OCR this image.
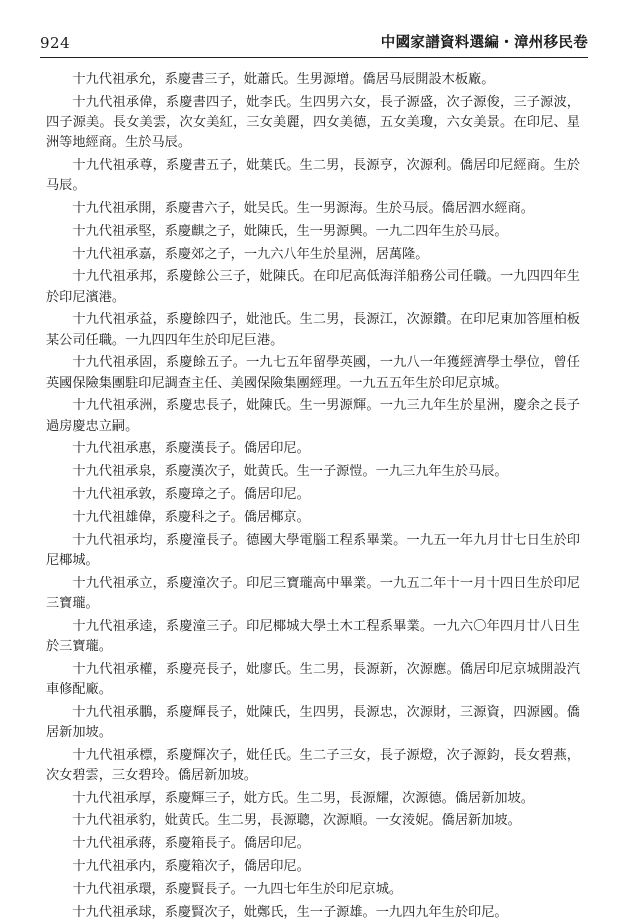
924	中國家譜資料選編・漳州移民卷

十九代祖承允，系慶書三子，妣蕭氏。生男源增。僑居马辰開設木板廠。

十九代祖承偉，系慶書四子，妣李氏。生四男六女，長子源盛，次子源俊，三子源波，四子源美。長女美雲，次女美紅，三女美麗，四女美德，五女美瓊，六女美景。在印尼、星洲等地經商。生於马辰。

十九代祖承尊，系慶書五子，妣葉氏。生二男，長源亨，次源利。僑居印尼經商。生於马辰。

十九代祖承開，系慶書六子，妣吴氏。生一男源海。生於马辰。僑居泗水經商。

十九代祖承堅，系慶麒之子，妣陳氏，生一男源興。一九二四年生於马辰。

十九代祖承嘉，系慶郊之子，一九六八年生於星洲，居萬隆。

十九代祖承邦，系慶餘公三子，妣陳氏。在印尼高低海洋船務公司任職。一九四四年生於印尼濱港。

十九代祖承益，系慶餘四子，妣池氏。生二男，長源江，次源鑽。在印尼東加答厘柏板某公司任職。一九四四年生於印尼巨港。

十九代祖承固，系慶餘五子。一九七五年留學英國，一九八一年獲經濟學士學位，曾任英國保險集團駐印尼調查主任、美國保險集團經理。一九五五年生於印尼京城。

十九代祖承洲，系慶忠長子，妣陳氏。生一男源輝。一九三九年生於星洲，慶余之長子過房慶忠立嗣。

十九代祖承惠，系慶漢長子。僑居印尼。

十九代祖承泉，系慶漢次子，妣黄氏。生一子源愷。一九三九年生於马辰。

十九代祖承敦，系慶璋之子。僑居印尼。

十九代祖雄偉，系慶科之子。僑居椰京。

十九代祖承均，系慶潼長子。德國大學電腦工程系畢業。一九五一年九月廿七日生於印尼椰城。

十九代祖承立，系慶潼次子。印尼三寶瓏高中畢業。一九五二年十一月十四日生於印尼三寶瓏。

十九代祖承逵，系慶潼三子。印尼椰城大學土木工程系畢業。一九六〇年四月廿八日生於三寶瓏。

十九代祖承權，系慶亮長子，妣廖氏。生二男，長源新，次源應。僑居印尼京城開設汽車修配廠。

十九代祖承鵬，系慶輝長子，妣陳氏，生四男，長源忠，次源財，三源資，四源國。僑居新加坡。

十九代祖承標，系慶輝次子，妣任氏。生二子三女，長子源燈，次子源鈞，長女碧燕，次女碧雲，三女碧玲。僑居新加坡。

十九代祖承厚，系慶輝三子，妣方氏。生二男，長源耀，次源德。僑居新加坡。

十九代祖承豹，妣黄氏。生二男，長源聰，次源順。一女淩妮。僑居新加坡。

十九代祖承蔣，系慶箱長子。僑居印尼。

十九代祖承内，系慶箱次子，僑居印尼。

十九代祖承環，系慶賢長子。一九四七年生於印尼京城。

十九代祖承球，系慶賢次子，妣鄭氏，生一子源雄。一九四九年生於印尼。
